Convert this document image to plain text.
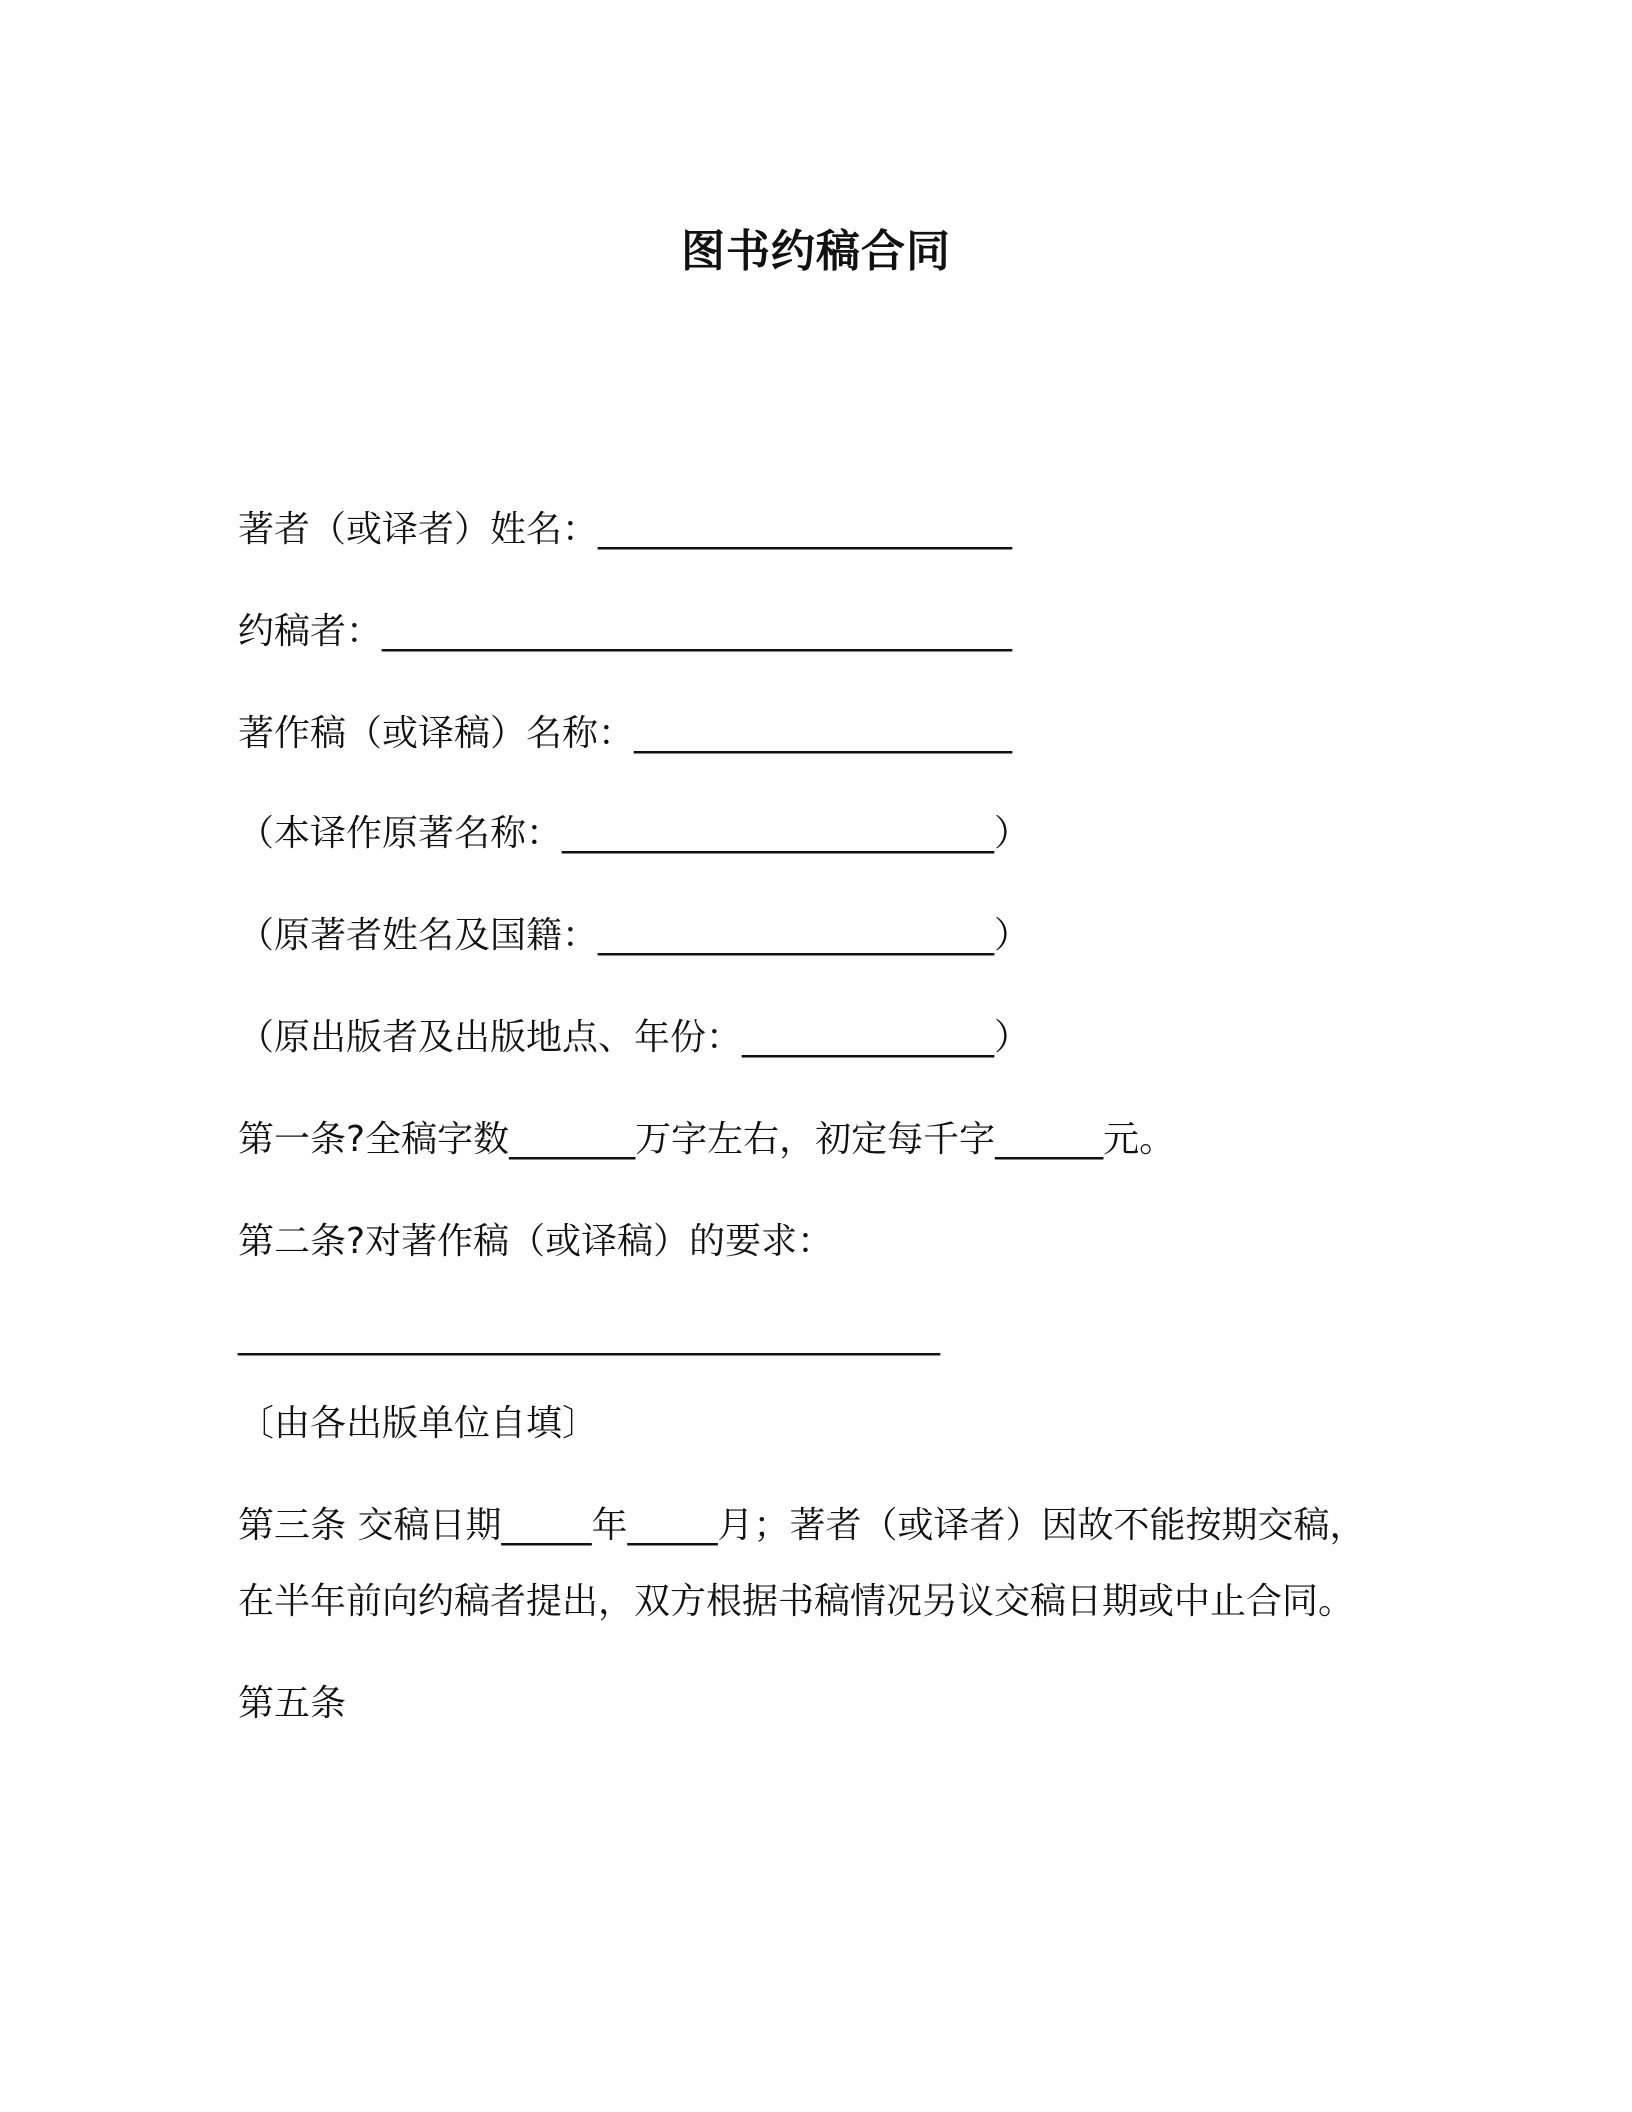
图书约稿合同
著者（或译者）姓名：_______________________
约稿者：___________________________________
著作稿（或译稿）名称：_____________________
（本译作原著名称：________________________）
（原著者姓名及国籍：______________________）
（原出版者及出版地点、年份：______________）
第一条?全稿字数_______万字左右，初定每千字______元。
第二条?对著作稿（或译稿）的要求：
_______________________________________
〔由各出版单位自填〕
第三条 交稿日期_____年_____月；著者（或译者）因故不能按期交稿，
在半年前向约稿者提出，双方根据书稿情况另议交稿日期或中止合同。
第五条
